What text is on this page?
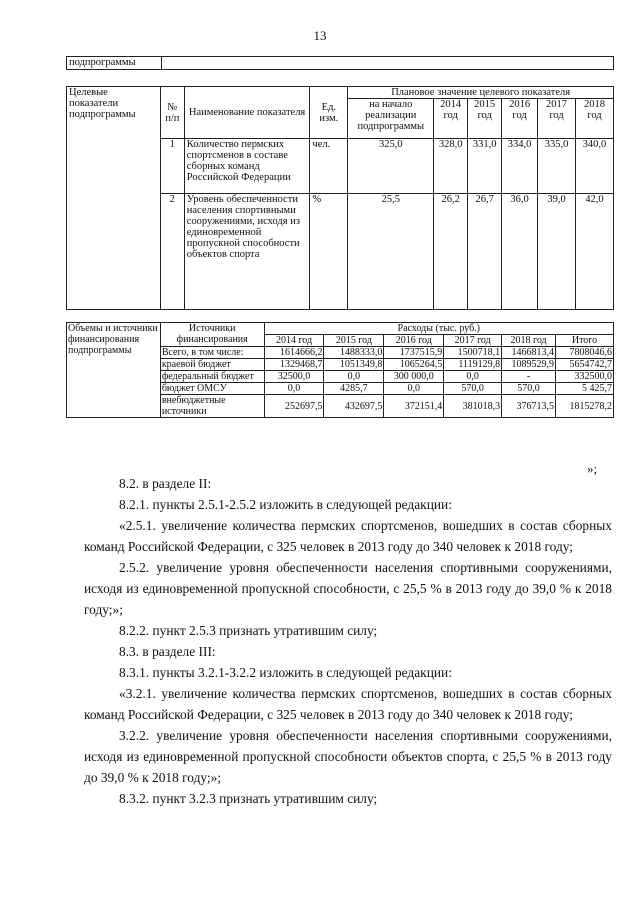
13
подпрограммы	
Целевые показатели подпрограммы	№ п/п	Наименование показателя	Ед. изм.	Плановое значение целевого показателя					
				на начало реализации подпрограммы	2014 год	2015 год	2016 год	2017 год	2018 год
	1	Количество пермских спортсменов в составе сборных команд Российской Федерации	чел.	325,0	328,0	331,0	334,0	335,0	340,0
	2	Уровень обеспеченности населения спортивными сооружениями, исходя из единовременной пропускной способности объектов спорта	%	25,5	26,2	26,7	36,0	39,0	42,0
Объемы и источники финансирования подпрограммы	Источники финансирования	Расходы (тыс. руб.)					
		2014 год	2015 год	2016 год	2017 год	2018 год	Итого
	Всего, в том числе:	1614666,2	1488333,0	1737515,9	1500718,1	1466813,4	7808046,6
	краевой бюджет	1329468,7	1051349,8	1065264,5	1119129,8	1089529,9	5654742,7
	федеральный бюджет	32500,0	0,0	300 000,0	0,0	-	332500,0
	бюджет ОМСУ	0,0	4285,7	0,0	570,0	570,0	5 425,7
	внебюджетные источники	252697,5	432697,5	372151,4	381018,3	376713,5	1815278,2
»;

8.2. в разделе II:

8.2.1. пункты 2.5.1-2.5.2 изложить в следующей редакции:

«2.5.1. увеличение количества пермских спортсменов, вошедших в состав сборных команд Российской Федерации, с 325 человек в 2013 году до 340 человек к 2018 году;

2.5.2. увеличение уровня обеспеченности населения спортивными сооружениями, исходя из единовременной пропускной способности, с 25,5 % в 2013 году до 39,0 % к 2018 году;»;

8.2.2. пункт 2.5.3 признать утратившим силу;

8.3. в разделе III:

8.3.1. пункты 3.2.1-3.2.2 изложить в следующей редакции:

«3.2.1. увеличение количества пермских спортсменов, вошедших в состав сборных команд Российской Федерации, с 325 человек в 2013 году до 340 человек к 2018 году;

3.2.2. увеличение уровня обеспеченности населения спортивными сооружениями, исходя из единовременной пропускной способности объектов спорта, с 25,5 % в 2013 году до 39,0 % к 2018 году;»;

8.3.2. пункт 3.2.3 признать утратившим силу;
